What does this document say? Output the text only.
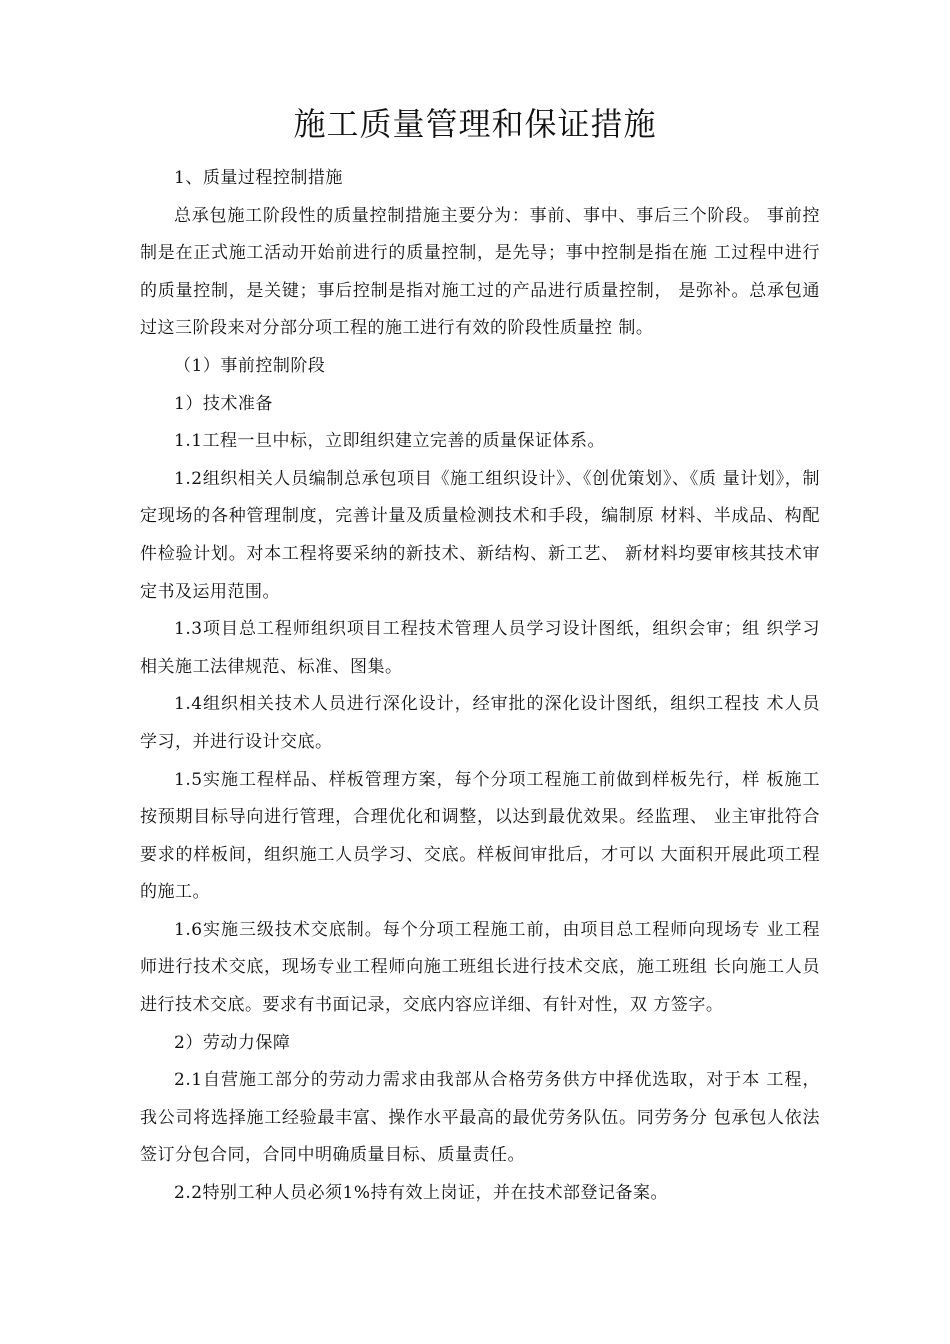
施工质量管理和保证措施

1、质量过程控制措施

总承包施工阶段性的质量控制措施主要分为：事前、事中、事后三个阶段。 事前控制是在正式施工活动开始前进行的质量控制，是先导；事中控制是指在施 工过程中进行的质量控制，是关键；事后控制是指对施工过的产品进行质量控制， 是弥补。总承包通过这三阶段来对分部分项工程的施工进行有效的阶段性质量控 制。

（1）事前控制阶段

1）技术准备

1.1工程一旦中标，立即组织建立完善的质量保证体系。

1.2组织相关人员编制总承包项目《施工组织设计》、《创优策划》、《质 量计划》，制定现场的各种管理制度，完善计量及质量检测技术和手段，编制原 材料、半成品、构配件检验计划。对本工程将要采纳的新技术、新结构、新工艺、 新材料均要审核其技术审定书及运用范围。

1.3项目总工程师组织项目工程技术管理人员学习设计图纸，组织会审；组 织学习相关施工法律规范、标准、图集。

1.4组织相关技术人员进行深化设计，经审批的深化设计图纸，组织工程技 术人员学习，并进行设计交底。

1.5实施工程样品、样板管理方案，每个分项工程施工前做到样板先行，样 板施工按预期目标导向进行管理，合理优化和调整，以达到最优效果。经监理、 业主审批符合要求的样板间，组织施工人员学习、交底。样板间审批后，才可以 大面积开展此项工程的施工。

1.6实施三级技术交底制。每个分项工程施工前，由项目总工程师向现场专 业工程师进行技术交底，现场专业工程师向施工班组长进行技术交底，施工班组 长向施工人员进行技术交底。要求有书面记录，交底内容应详细、有针对性，双 方签字。

2）劳动力保障

2.1自营施工部分的劳动力需求由我部从合格劳务供方中择优选取，对于本 工程，我公司将选择施工经验最丰富、操作水平最高的最优劳务队伍。同劳务分 包承包人依法签订分包合同，合同中明确质量目标、质量责任。

2.2特别工种人员必须1%持有效上岗证，并在技术部登记备案。
